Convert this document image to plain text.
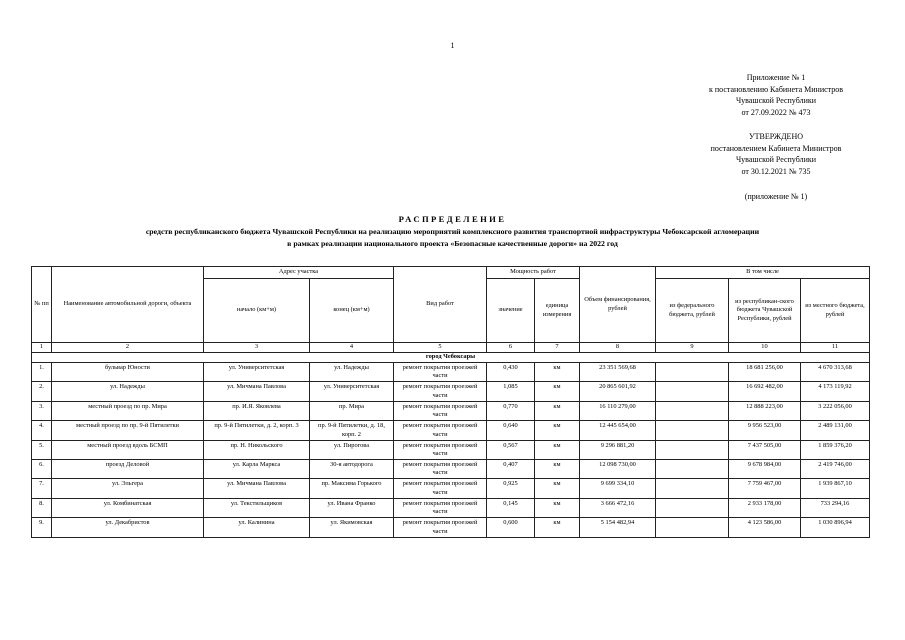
1
Приложение № 1
к постановлению Кабинета Министров
Чувашской Республики
от 27.09.2022 № 473
УТВЕРЖДЕНО
постановлением Кабинета Министров
Чувашской Республики
от 30.12.2021 № 735
(приложение № 1)
РАСПРЕДЕЛЕНИЕ
средств республиканского бюджета Чувашской Республики на реализацию мероприятий комплексного развития транспортной инфраструктуры Чебоксарской агломерации
в рамках реализации национального проекта «Безопасные качественные дороги» на 2022 год
№ пп	Наименование автомобильной дороги, объекта	Адрес участка		Вид работ	Мощность работ		Объем финансирования, рублей	В том числе		
		начало (км+м)	конец (км+м)		значение	единица измерения		из федерального бюджета, рублей	из республикан-ского бюджета Чувашской Республики, рублей	из местного бюджета, рублей
1	2	3	4	5	6	7	8	9	10	11
город Чебоксары										
1.	бульвар Юности	ул. Университетская	ул. Надежды	ремонт покрытия проезжей части	0,430	км	23 351 569,68		18 681 256,00	4 670 313,68
2.	ул. Надежды	ул. Мичмана Павлова	ул. Университетская	ремонт покрытия проезжей части	1,085	км	20 865 601,92		16 692 482,00	4 173 119,92
3.	местный проезд по пр. Мира	пр. И.Я. Яковлева	пр. Мира	ремонт покрытия проезжей части	0,770	км	16 110 279,00		12 888 223,00	3 222 056,00
4.	местный проезд по пр. 9-й Пятилетки	пр. 9-й Пятилетки, д. 2, корп. 3	пр. 9-й Пятилетки, д. 18, корп. 2	ремонт покрытия проезжей части	0,640	км	12 445 654,00		9 956 523,00	2 489 131,00
5.	местный проезд вдоль БСМП	пр. Н. Никольского	ул. Пирогова	ремонт покрытия проезжей части	0,567	км	9 296 881,20		7 437 505,00	1 859 376,20
6.	проезд Деловой	ул. Карла Маркса	30-я автодорога	ремонт покрытия проезжей части	0,407	км	12 098 730,00		9 678 984,00	2 419 746,00
7.	ул. Эльгера	ул. Мичмана Павлова	пр. Максима Горького	ремонт покрытия проезжей части	0,925	км	9 699 334,10		7 759 467,00	1 939 867,10
8.	ул. Комбинатская	ул. Текстильщиков	ул. Ивана Франко	ремонт покрытия проезжей части	0,145	км	3 666 472,16		2 933 178,00	733 294,16
9.	ул. Декабристов	ул. Калинина	ул. Якимовская	ремонт покрытия проезжей части	0,600	км	5 154 482,94		4 123 586,00	1 030 896,94
